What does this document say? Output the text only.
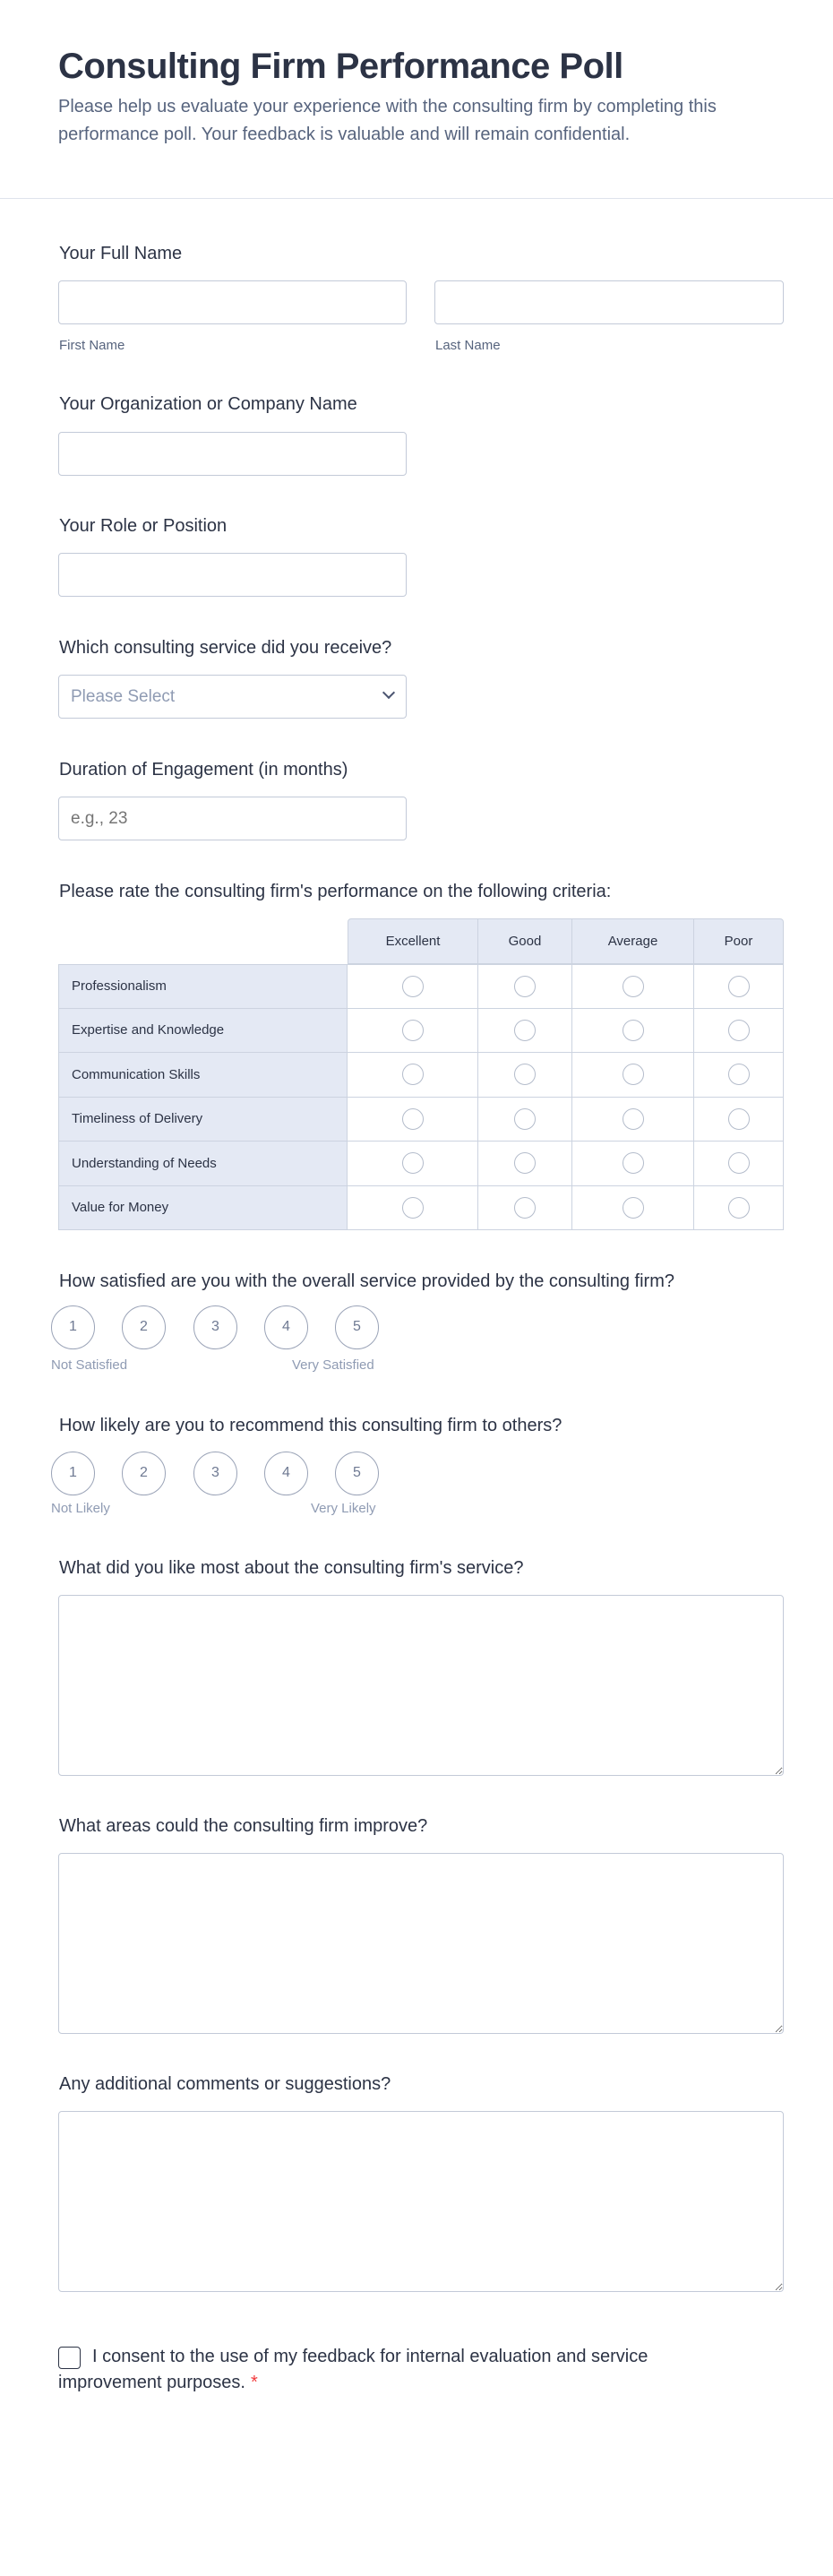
Consulting Firm Performance Poll

Please help us evaluate your experience with the consulting firm by completing this performance poll. Your feedback is valuable and will remain confidential.

Your Full Name
First Name	Last Name
Your Organization or Company Name
Your Role or Position
Which consulting service did you receive?
Please Select
Duration of Engagement (in months)
e.g., 23
Please rate the consulting firm's performance on the following criteria:
	Excellent	Good	Average	Poor
Professionalism				
Expertise and Knowledge				
Communication Skills				
Timeliness of Delivery				
Understanding of Needs				
Value for Money				
How satisfied are you with the overall service provided by the consulting firm?
1	2	3	4	5
Not Satisfied	Very Satisfied
How likely are you to recommend this consulting firm to others?
1	2	3	4	5
Not Likely	Very Likely
What did you like most about the consulting firm's service?
What areas could the consulting firm improve?
Any additional comments or suggestions?
I consent to the use of my feedback for internal evaluation and service improvement purposes. *
